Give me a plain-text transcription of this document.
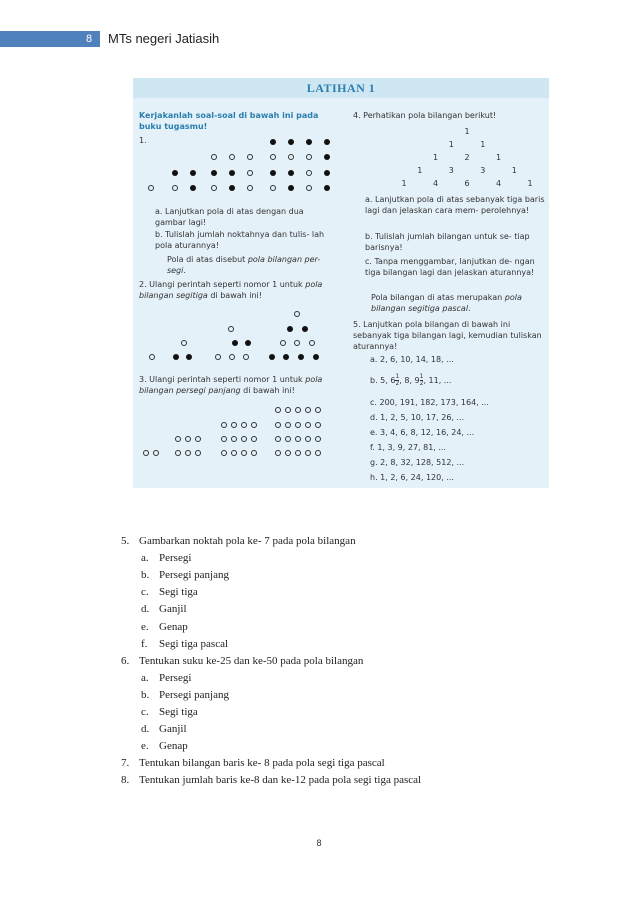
8 MTs negeri Jatiasih
LATIHAN 1
Kerjakanlah soal-soal di bawah ini pada buku tugasmu!
1.
a. Lanjutkan pola di atas dengan dua gambar lagi!
b. Tulislah jumlah noktahnya dan tulis- lah pola aturannya!
Pola di atas disebut pola bilangan per- segi.
2. Ulangi perintah seperti nomor 1 untuk pola bilangan segitiga di bawah ini!
3. Ulangi perintah seperti nomor 1 untuk pola bilangan persegi panjang di bawah ini!
4. Perhatikan pola bilangan berikut!
1
1	1
1	2	1
1	3	3	1
1	4	6	4	1
a. Lanjutkan pola di atas sebanyak tiga baris lagi dan jelaskan cara mem- perolehnya!
b. Tulislah jumlah bilangan untuk se- tiap barisnya!
c. Tanpa menggambar, lanjutkan de- ngan tiga bilangan lagi dan jelaskan aturannya!
Pola bilangan di atas merupakan pola bilangan segitiga pascal.
5. Lanjutkan pola bilangan di bawah ini sebanyak tiga bilangan lagi, kemudian tuliskan aturannya!
a. 2, 6, 10, 14, 18, ...
b. 5, $6 \frac{1}{2}$ , 8, $9 \frac{1}{2}$ , 11, ...
c. 200, 191, 182, 173, 164, ...
d. 1, 2, 5, 10, 17, 26, ...
e. 3, 4, 6, 8, 12, 16, 24, ...
f. 1, 3, 9, 27, 81, ...
g. 2, 8, 32, 128, 512, ...
h. 1, 2, 6, 24, 120, ...
5. Gambarkan noktah pola ke- 7 pada pola bilangan
a. Persegi
b. Persegi panjang
c. Segi tiga
d. Ganjil
e. Genap
f. Segi tiga pascal
6. Tentukan suku ke-25 dan ke-50 pada pola bilangan
a. Persegi
b. Persegi panjang
c. Segi tiga
d. Ganjil
e. Genap
7. Tentukan bilangan baris ke- 8 pada pola segi tiga pascal
8. Tentukan jumlah baris ke-8 dan ke-12 pada pola segi tiga pascal
8
